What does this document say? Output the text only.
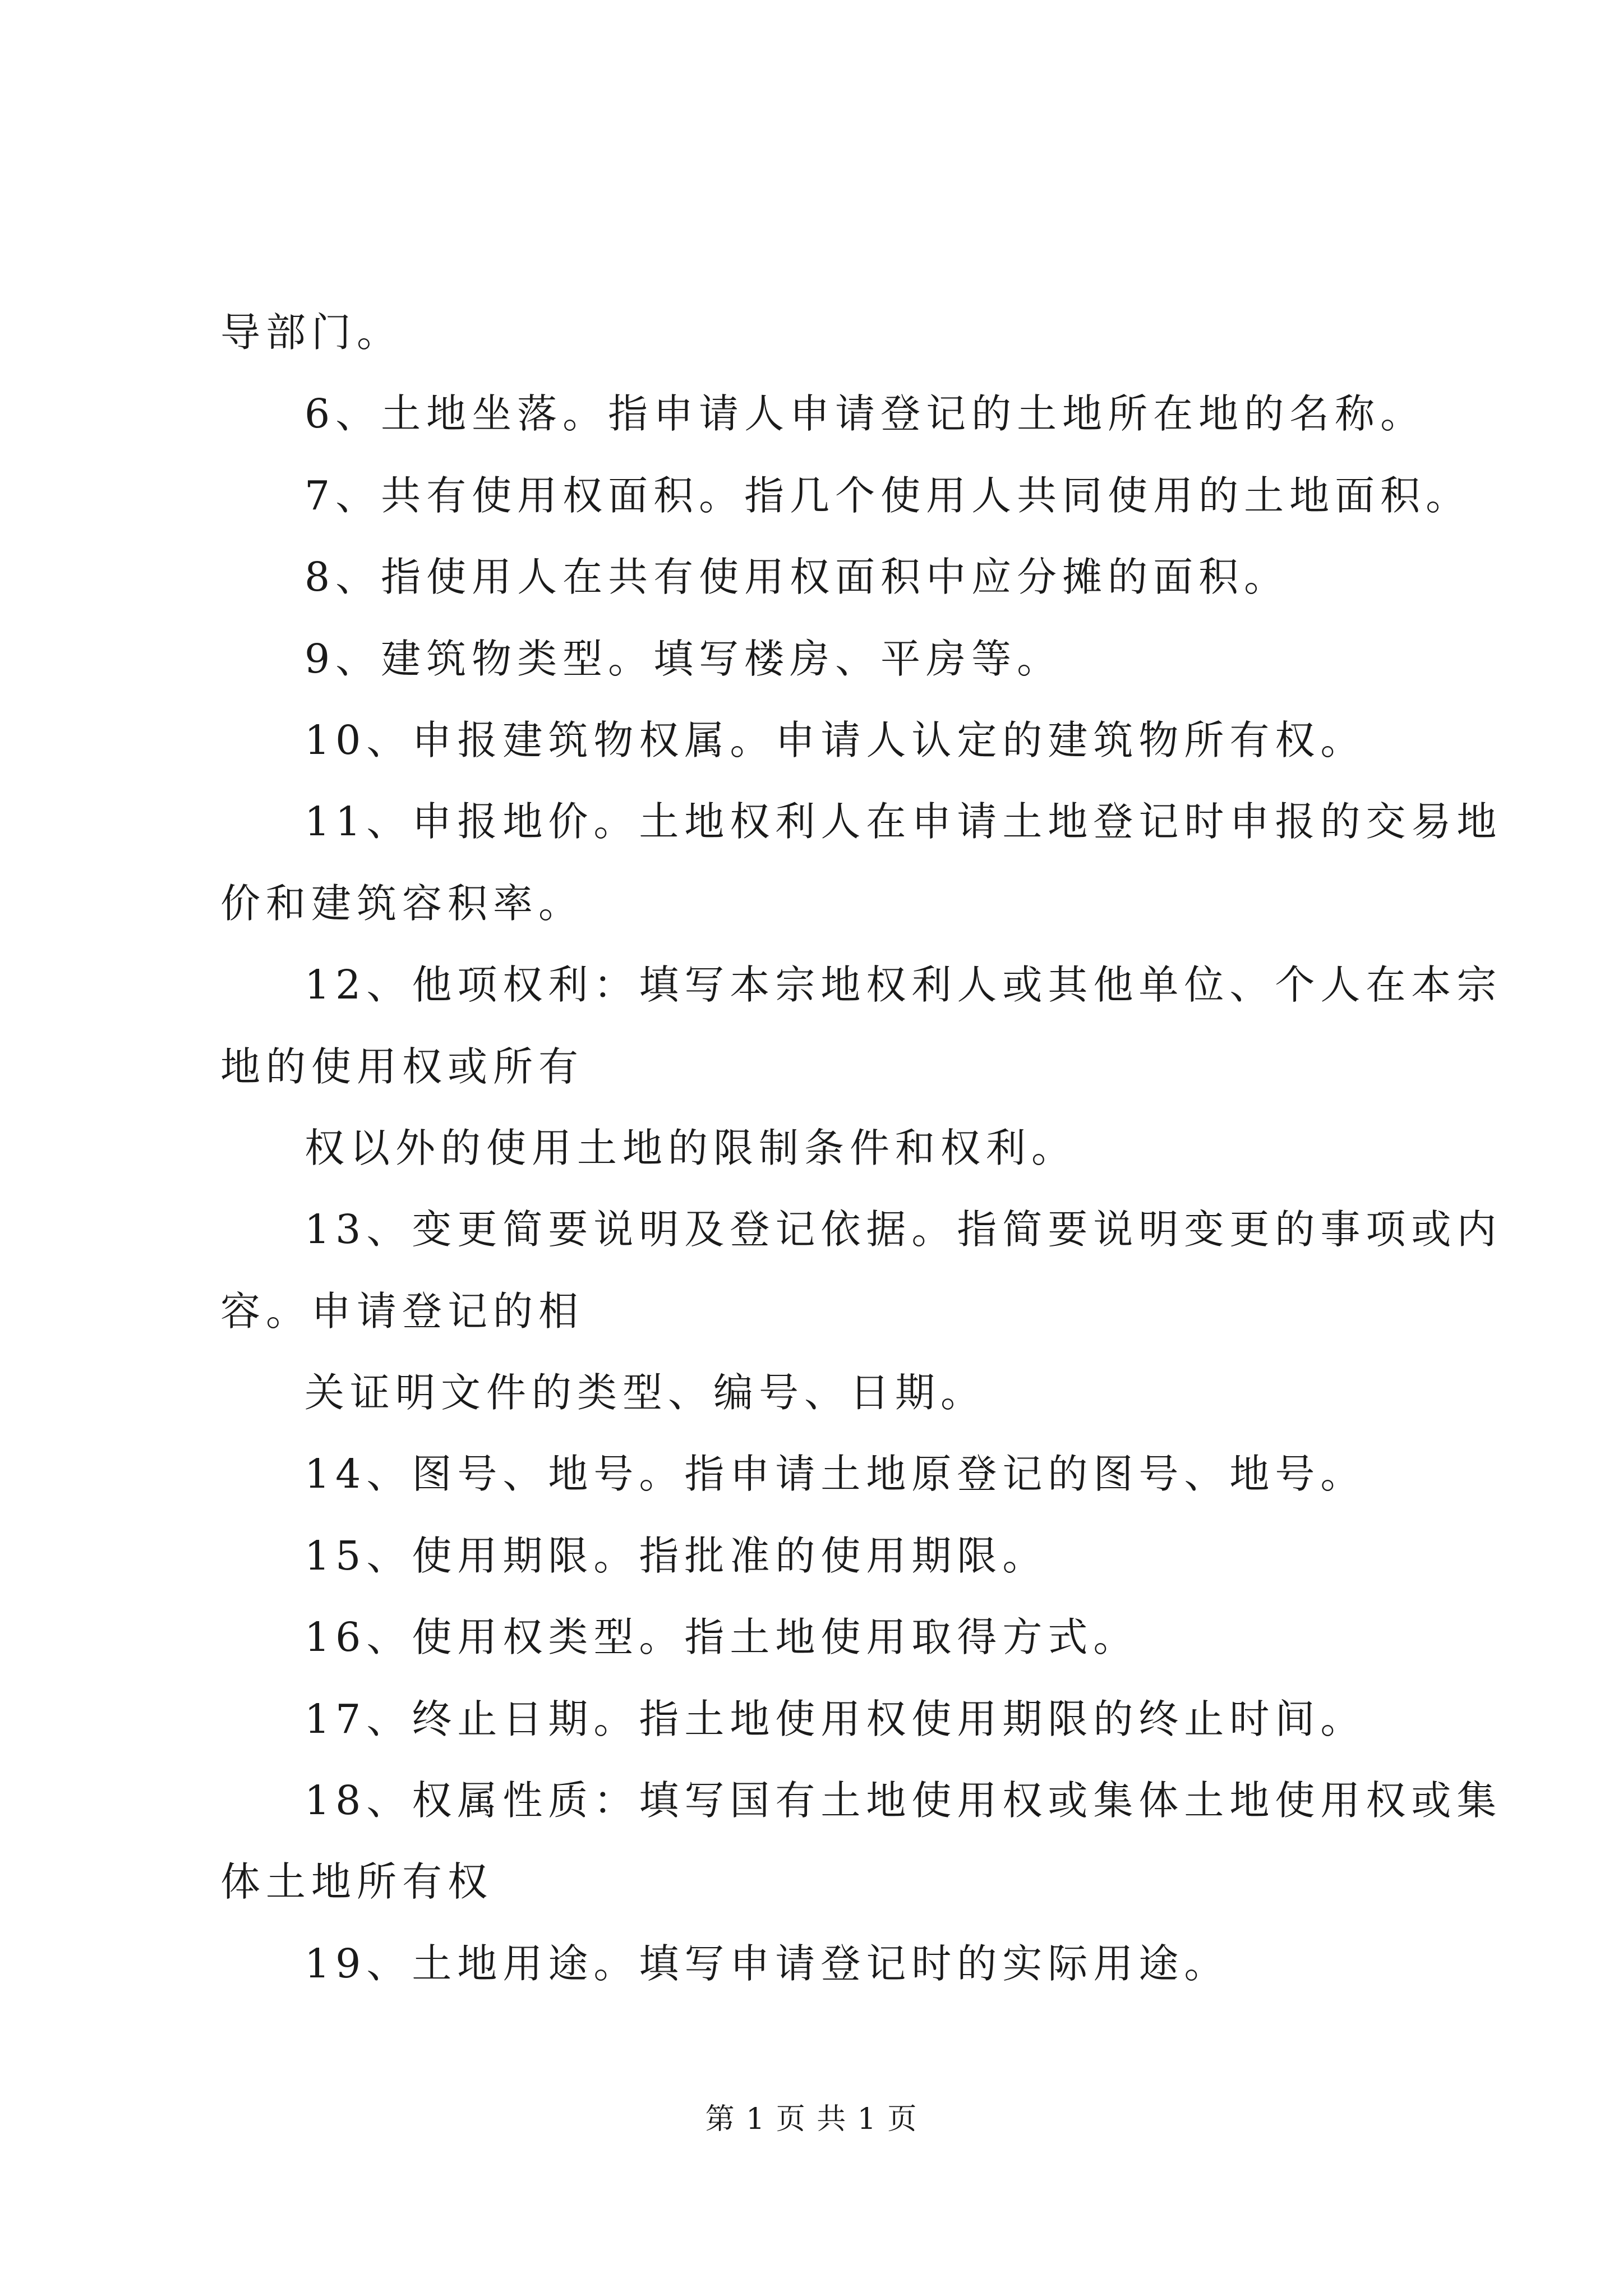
导部门。
6、土地坐落。指申请人申请登记的土地所在地的名称。
7、共有使用权面积。指几个使用人共同使用的土地面积。
8、指使用人在共有使用权面积中应分摊的面积。
9、建筑物类型。填写楼房、平房等。
10、申报建筑物权属。申请人认定的建筑物所有权。
11、申报地价。土地权利人在申请土地登记时申报的交易地
价和建筑容积率。
12、他项权利：填写本宗地权利人或其他单位、个人在本宗
地的使用权或所有
权以外的使用土地的限制条件和权利。
13、变更简要说明及登记依据。指简要说明变更的事项或内
容。申请登记的相
关证明文件的类型、编号、日期。
14、图号、地号。指申请土地原登记的图号、地号。
15、使用期限。指批准的使用期限。
16、使用权类型。指土地使用取得方式。
17、终止日期。指土地使用权使用期限的终止时间。
18、权属性质：填写国有土地使用权或集体土地使用权或集
体土地所有权
19、土地用途。填写申请登记时的实际用途。
第 1 页 共 1 页
